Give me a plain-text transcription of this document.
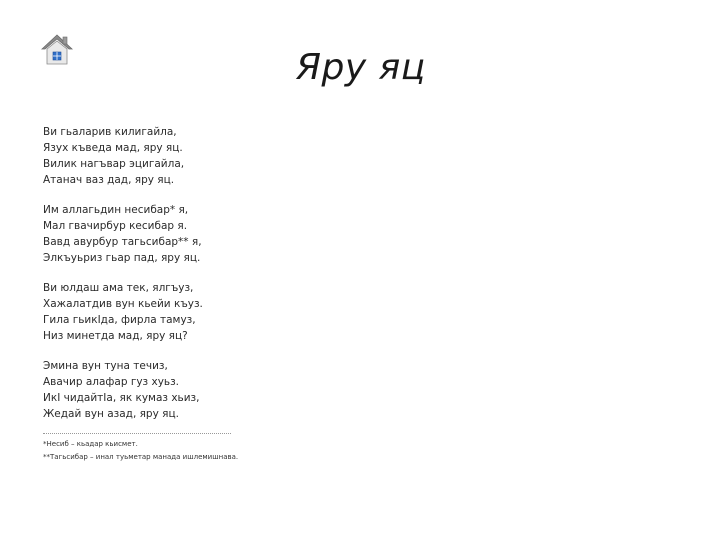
Яру яц
Ви гьаларив килигайла,
Язух къведа мад, яру яц.
Вилик нагъвар эцигайла,
Атанач ваз дад, яру яц.
Им аллагьдин несибар* я,
Мал гвачирбур кесибар я.
Вавд авурбур тагьсибар** я,
Элкъуьриз гьар пад, яру яц.
Ви юлдаш ама тек, ялгъуз,
Хажалатдив вун кьейи къуз.
Гила гьикIда, фирла тамуз,
Низ минетда мад, яру яц?
Эмина вун туна течиз,
Авачир алафар гуз хуьз.
ИкI чидайтIа, як кумаз хьиз,
Жедай вун азад, яру яц.
*Несиб – кьадар кьисмет.
**Тагьсибар – инал туьметар манада ишлемишнава.
